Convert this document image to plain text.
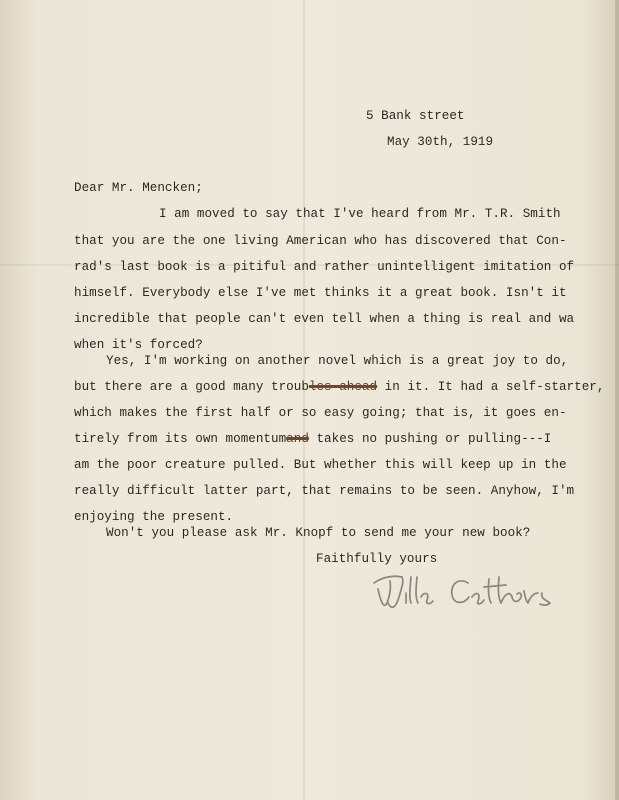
5 Bank street

May 30th, 1919

Dear Mr. Mencken;

I am moved to say that I've heard from Mr. T.R. Smith

that you are the one living American who has discovered that Con-

rad's last book is a pitiful and rather unintelligent imitation of

himself. Everybody else I've met thinks it a great book. Isn't it

incredible that people can't even tell when a thing is real and wa

when it's forced?

Yes, I'm working on another novel which is a great joy to do,

but there are a good many troubles ahead in it. It had a self-starter,

which makes the first half or so easy going; that is, it goes en-

tirely from its own momentumand takes no pushing or pulling---I

am the poor creature pulled. But whether this will keep up in the

really difficult latter part, that remains to be seen. Anyhow, I'm

enjoying the present.

Won't you please ask Mr. Knopf to send me your new book?

Faithfully yours

Willa Cather
